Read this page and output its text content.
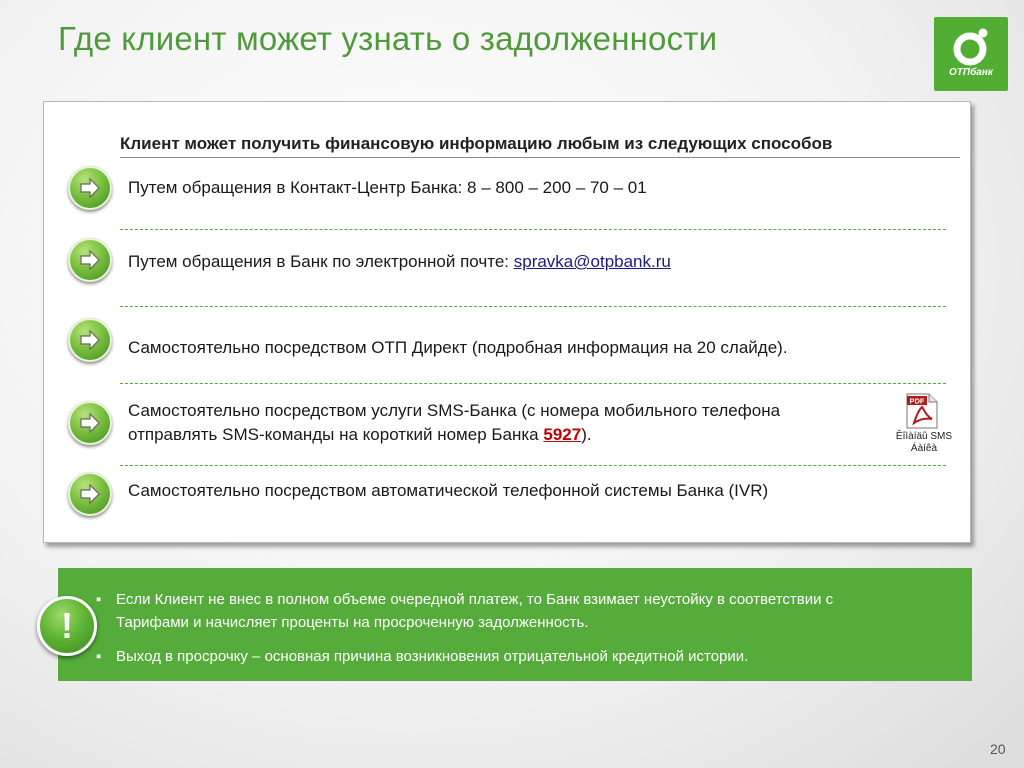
Где клиент может узнать о задолженности
ОТПбанк
Клиент может получить финансовую информацию любым из следующих способов
Путем обращения в Контакт-Центр Банка: 8 – 800 – 200 – 70 – 01
Путем обращения в Банк по электронной почте: spravka@otpbank.ru
Самостоятельно посредством ОТП Директ (подробная информация на 20 слайде).
Самостоятельно посредством услуги SMS-Банка (с номера мобильного телефона
отправлять SMS-команды на короткий номер Банка 5927).
PDF
Êîìàíäû SMS
Áàíêà
Самостоятельно посредством автоматической телефонной системы Банка (IVR)
!
▪ Если Клиент не внес в полном объеме очередной платеж, то Банк взимает неустойку в соответствии с Тарифами и начисляет проценты на просроченную задолженность.
▪ Выход в просрочку – основная причина возникновения отрицательной кредитной истории.
20
